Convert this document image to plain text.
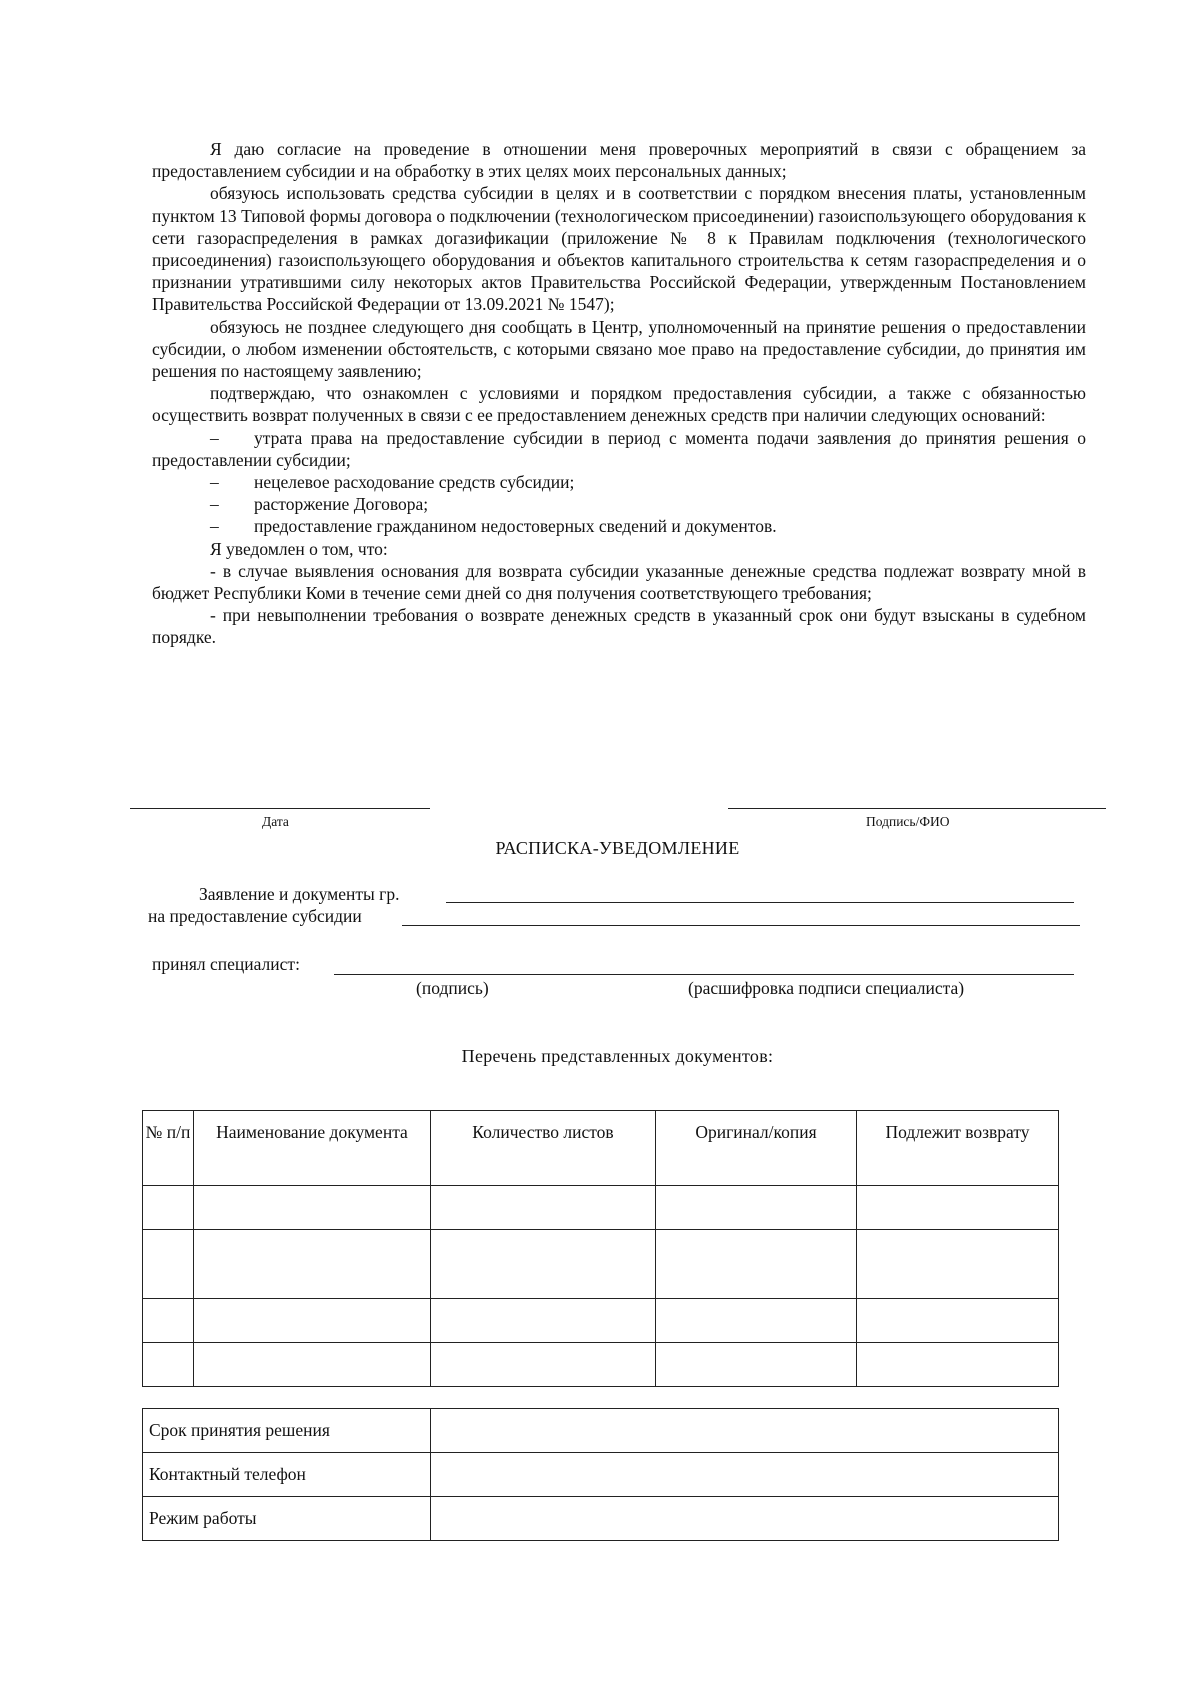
Я даю согласие на проведение в отношении меня проверочных мероприятий в связи с обращением за предоставлением субсидии и на обработку в этих целях моих персональных данных;

обязуюсь использовать средства субсидии в целях и в соответствии с порядком внесения платы, установленным пунктом 13 Типовой формы договора о подключении (технологическом присоединении) газоиспользующего оборудования к сети газораспределения в рамках догазификации (приложение № 8 к Правилам подключения (технологического присоединения) газоиспользующего оборудования и объектов капитального строительства к сетям газораспределения и о признании утратившими силу некоторых актов Правительства Российской Федерации, утвержденным Постановлением Правительства Российской Федерации от 13.09.2021 № 1547);

обязуюсь не позднее следующего дня сообщать в Центр, уполномоченный на принятие решения о предоставлении субсидии, о любом изменении обстоятельств, с которыми связано мое право на предоставление субсидии, до принятия им решения по настоящему заявлению;

подтверждаю, что ознакомлен с условиями и порядком предоставления субсидии, а также с обязанностью осуществить возврат полученных в связи с ее предоставлением денежных средств при наличии следующих оснований:

– утрата права на предоставление субсидии в период с момента подачи заявления до принятия решения о предоставлении субсидии;

– нецелевое расходование средств субсидии;

– расторжение Договора;

– предоставление гражданином недостоверных сведений и документов.

Я уведомлен о том, что:

- в случае выявления основания для возврата субсидии указанные денежные средства подлежат возврату мной в бюджет Республики Коми в течение семи дней со дня получения соответствующего требования;

- при невыполнении требования о возврате денежных средств в указанный срок они будут взысканы в судебном порядке.

Дата	Подпись/ФИО
РАСПИСКА-УВЕДОМЛЕНИЕ
Заявление и документы гр.
на предоставление субсидии
принял специалист:
(подпись)	(расшифровка подписи специалиста)
Перечень представленных документов:
№ п/п	Наименование документа	Количество листов	Оригинал/копия	Подлежит возврату

Срок принятия решения	
Контактный телефон	
Режим работы	
